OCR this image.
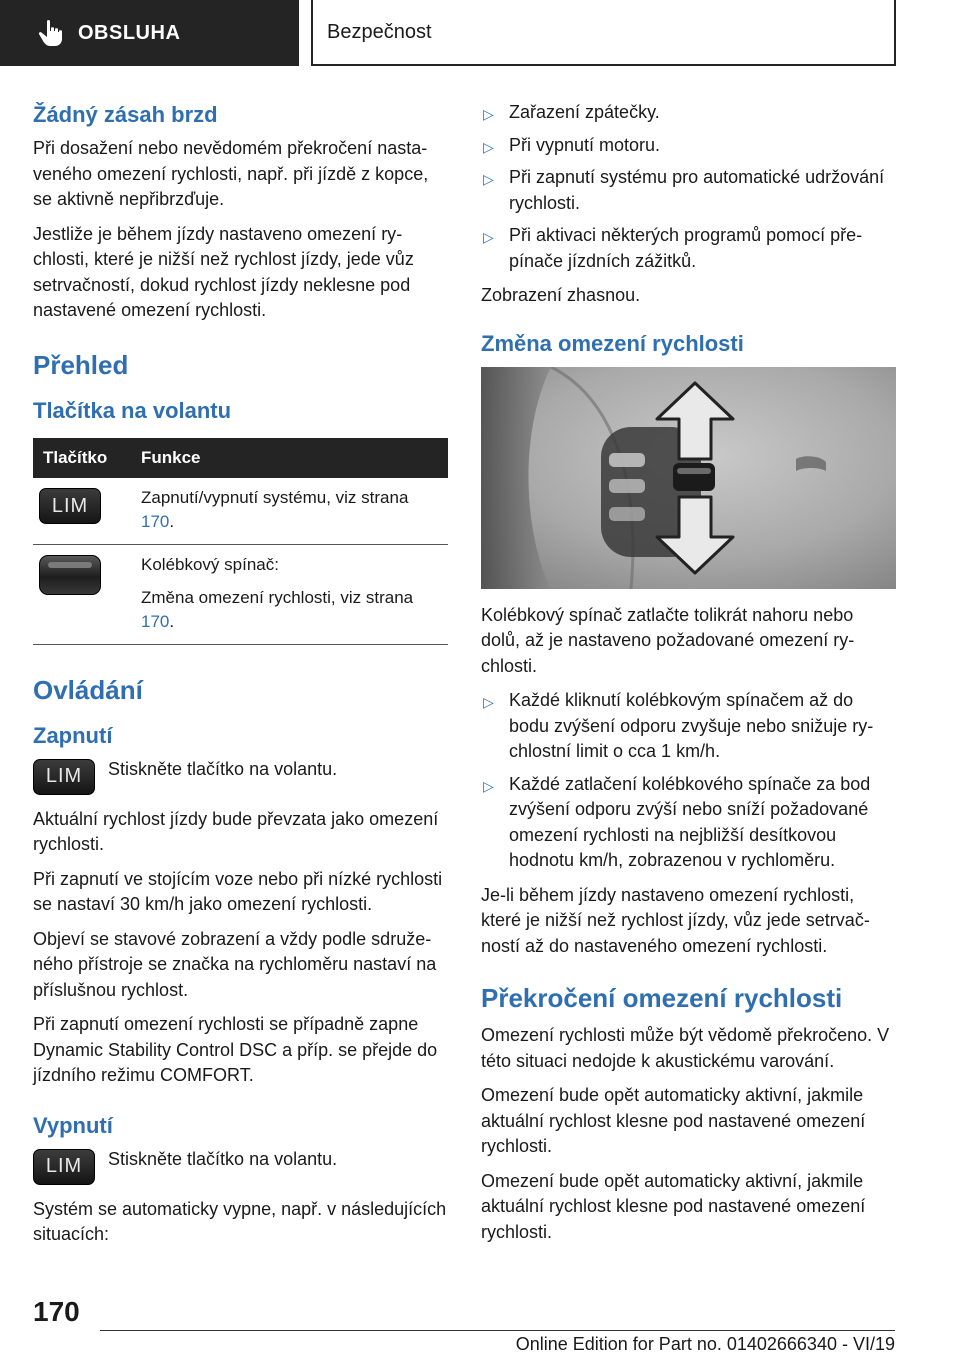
OBSLUHA	Bezpečnost
Žádný zásah brzd

Při dosažení nebo nevědomém překročení nastaveného omezení rychlosti, např. při jízdě z kopce, se aktivně nepřibrzďuje.

Jestliže je během jízdy nastaveno omezení rychlosti, které je nižší než rychlost jízdy, jede vůz setrvačností, dokud rychlost jízdy neklesne pod nastavené omezení rychlosti.

Přehled
Tlačítka na volantu
Tlačítko	Funkce

LIM	Zapnutí/vypnutí systému, viz strana 170.

	Kolébkový spínač:
Změna omezení rychlosti, viz strana 170.
Ovládání
Zapnutí
LIM	Stiskněte tlačítko na volantu.

Aktuální rychlost jízdy bude převzata jako omezení rychlosti.

Při zapnutí ve stojícím voze nebo při nízké rychlosti se nastaví 30 km/h jako omezení rychlosti.

Objeví se stavové zobrazení a vždy podle sdruženého přístroje se značka na rychloměru nastaví na příslušnou rychlost.

Při zapnutí omezení rychlosti se případně zapne Dynamic Stability Control DSC a příp. se přejde do jízdního režimu COMFORT.

Vypnutí
LIM	Stiskněte tlačítko na volantu.

Systém se automaticky vypne, např. v následujících situacích:

▷ Zařazení zpátečky.
▷ Při vypnutí motoru.
▷ Při zapnutí systému pro automatické udržování rychlosti.
▷ Při aktivaci některých programů pomocí přepínače jízdních zážitků.

Zobrazení zhasnou.

Změna omezení rychlosti

Kolébkový spínač zatlačte tolikrát nahoru nebo dolů, až je nastaveno požadované omezení rychlosti.

▷ Každé kliknutí kolébkovým spínačem až do bodu zvýšení odporu zvyšuje nebo snižuje rychlostní limit o cca 1 km/h.
▷ Každé zatlačení kolébkového spínače za bod zvýšení odporu zvýší nebo sníží požadované omezení rychlosti na nejbližší desítkovou hodnotu km/h, zobrazenou v rychloměru.

Je-li během jízdy nastaveno omezení rychlosti, které je nižší než rychlost jízdy, vůz jede setrvačností až do nastaveného omezení rychlosti.

Překročení omezení rychlosti

Omezení rychlosti může být vědomě překročeno. V této situaci nedojde k akustickému varování.

Omezení bude opět automaticky aktivní, jakmile aktuální rychlost klesne pod nastavené omezení rychlosti.

Omezení bude opět automaticky aktivní, jakmile aktuální rychlost klesne pod nastavené omezení rychlosti.

170
Online Edition for Part no. 01402666340 - VI/19
